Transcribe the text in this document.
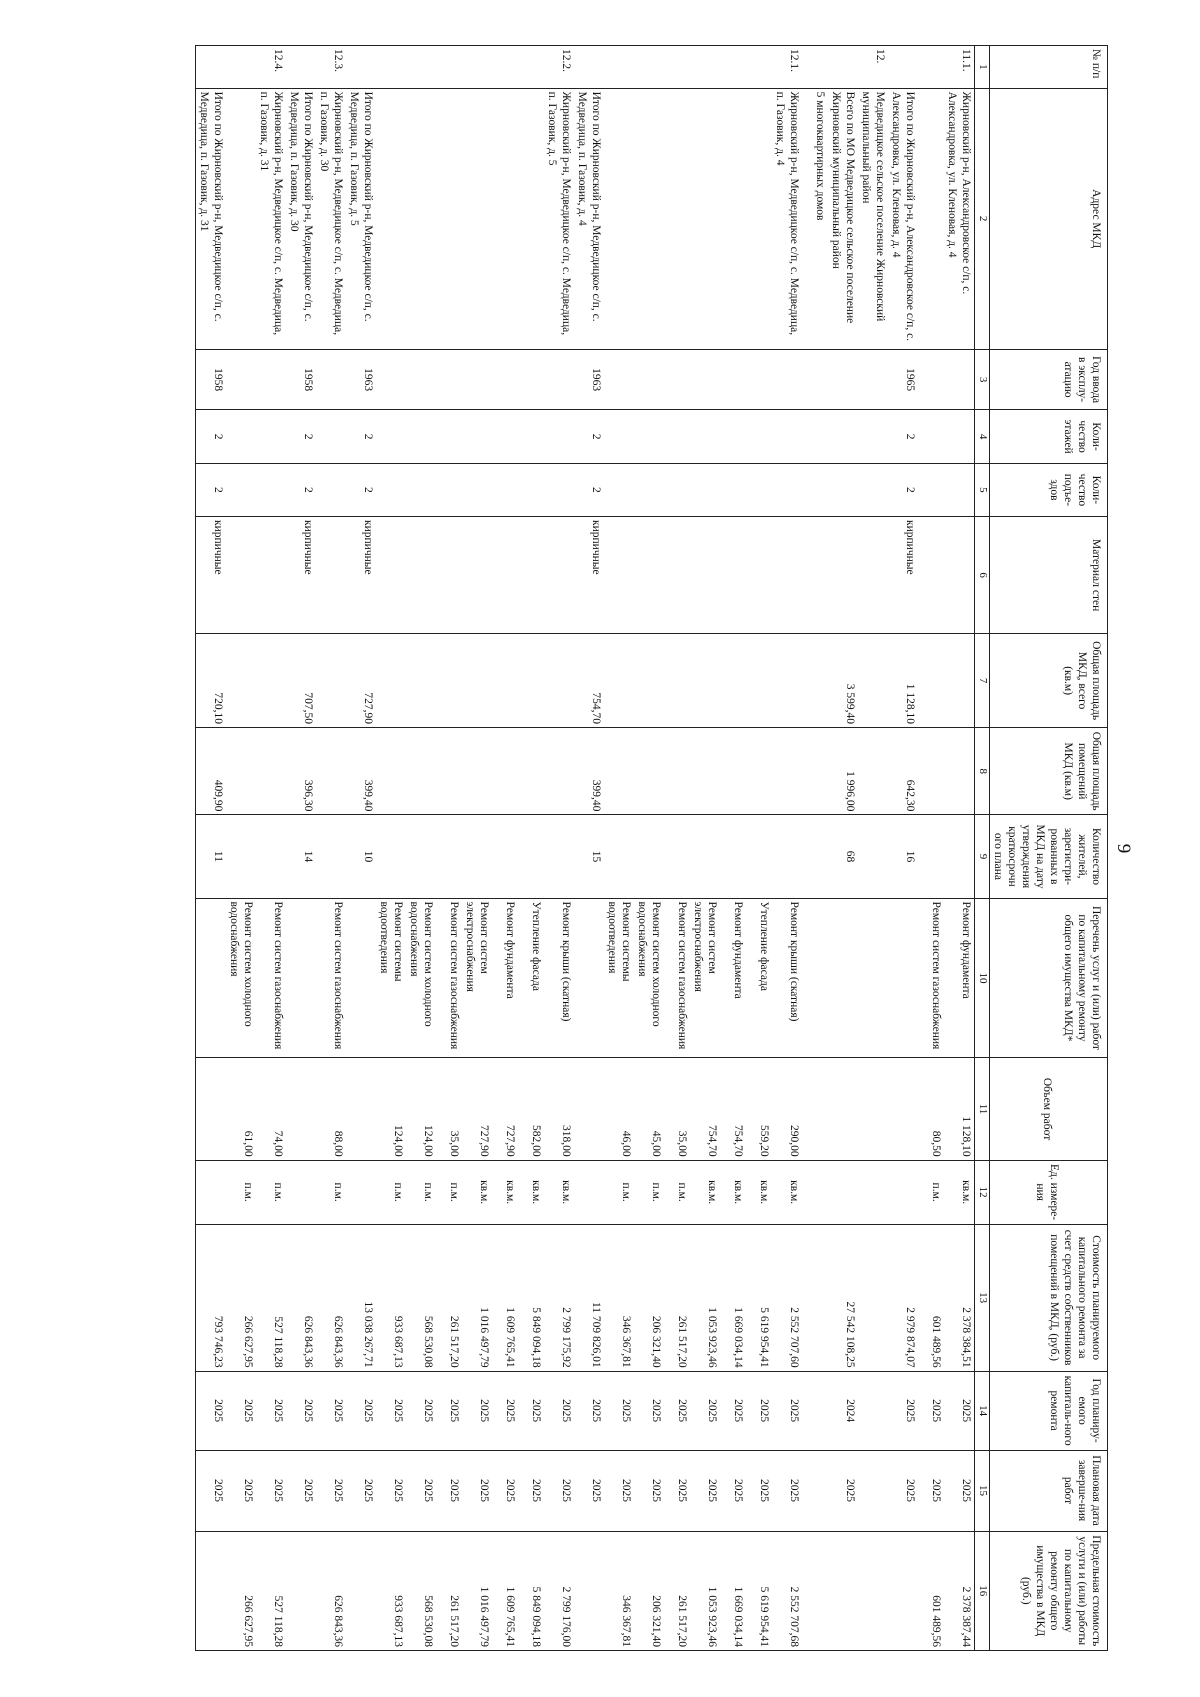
9
№ п/п	Адрес МКД	Год ввода в эксплу-атацию	Коли-чество этажей	Коли-чество подъе-здов	Материал стен	Общая площадь МКД, всего (кв.м)	Общая площадь помещений МКД (кв.м)	Количество жителей, зарегистри-рованных в МКД на дату утверждения краткосрочн ого плана	Перечень услуг и (или) работ по капитальному ремонту общего имущества МКД*	Объем работ	Ед. измере-ния	Стоимость планируемого капитального ремонта за счет средств собственников помещений в МКД, (руб.)	Год планиру-емого капиталь-ного ремонта	Плановая дата заверше-ния работ	Предельная стоимость услуги и (или) работы по капитальному ремонту общего имущества в МКД (руб.)
1	2	3	4	5	6	7	8	9	10	11	12	13	14	15	16
11.1.	Жирновский р-н, Александровское с/п, с. Александровка, ул. Кленовая, д. 4								Ремонт фундамента	1 128,10	кв.м.	2 378 384,51	2025	2025	2 378 387,44
									Ремонт систем газоснабжения	80,50	п.м.	601 489,56	2025	2025	601 489,56
	Итого по Жирновский р-н, Александровское с/п, с. Александровка, ул. Кленовая, д. 4	1965	2	2	кирпичные	1 128,10	642,30	16				2 979 874,07	2025	2025	
12.	Медведицкое сельское поселение Жирновский муниципальный район														
	Всего по МО Медведицкое сельское поселение Жирновский муниципальный район					3 599,40	1 996,00	68				27 542 108,25	2024	2025	
	5 многоквартирных домов														
12.1.	Жирновский р-н, Медведицкое с/п, с. Медведица, п. Газовик, д. 4								Ремонт крыши (скатная)	290,00	кв.м.	2 552 707,60	2025	2025	2 552 707,68
									Утепление фасада	559,20	кв.м.	5 619 954,41	2025	2025	5 619 954,41
									Ремонт фундамента	754,70	кв.м.	1 669 034,14	2025	2025	1 669 034,14
									Ремонт систем электроснабжения	754,70	кв.м.	1 053 923,46	2025	2025	1 053 923,46
									Ремонт систем газоснабжения	35,00	п.м.	261 517,20	2025	2025	261 517,20
									Ремонт систем холодного водоснабжения	45,00	п.м.	206 321,40	2025	2025	206 321,40
									Ремонт системы водоотведения	46,00	п.м.	346 367,81	2025	2025	346 367,81
	Итого по Жирновский р-н, Медведицкое с/п, с. Медведица, п. Газовик, д. 4	1963	2	2	кирпичные	754,70	399,40	15				11 709 826,01	2025	2025	
12.2.	Жирновский р-н, Медведицкое с/п, с. Медведица, п. Газовик, д. 5								Ремонт крыши (скатная)	318,00	кв.м.	2 799 175,92	2025	2025	2 799 176,00
									Утепление фасада	582,00	кв.м.	5 849 094,18	2025	2025	5 849 094,18
									Ремонт фундамента	727,90	кв.м.	1 609 765,41	2025	2025	1 609 765,41
									Ремонт систем электроснабжения	727,90	кв.м.	1 016 497,79	2025	2025	1 016 497,79
									Ремонт систем газоснабжения	35,00	п.м.	261 517,20	2025	2025	261 517,20
									Ремонт систем холодного водоснабжения	124,00	п.м.	568 530,08	2025	2025	568 530,08
									Ремонт системы водоотведения	124,00	п.м.	933 687,13	2025	2025	933 687,13
	Итого по Жирновский р-н, Медведицкое с/п, с. Медведица, п. Газовик, д. 5	1963	2	2	кирпичные	727,90	399,40	10				13 038 267,71	2025	2025	
12.3.	Жирновский р-н, Медведицкое с/п, с. Медведица, п. Газовик, д. 30								Ремонт систем газоснабжения	88,00	п.м.	626 843,36	2025	2025	626 843,36
	Итого по Жирновский р-н, Медведицкое с/п, с. Медведица, п. Газовик, д. 30	1958	2	2	кирпичные	707,50	396,30	14				626 843,36	2025	2025	
12.4.	Жирновский р-н, Медведицкое с/п, с. Медведица, п. Газовик, д. 31								Ремонт систем газоснабжения	74,00	п.м.	527 118,28	2025	2025	527 118,28
									Ремонт систем холодного водоснабжения	61,00	п.м.	266 627,95	2025	2025	266 627,95
	Итого по Жирновский р-н, Медведицкое с/п, с. Медведица, п. Газовик, д. 31	1958	2	2	кирпичные	720,10	409,90	11				793 746,23	2025	2025	
